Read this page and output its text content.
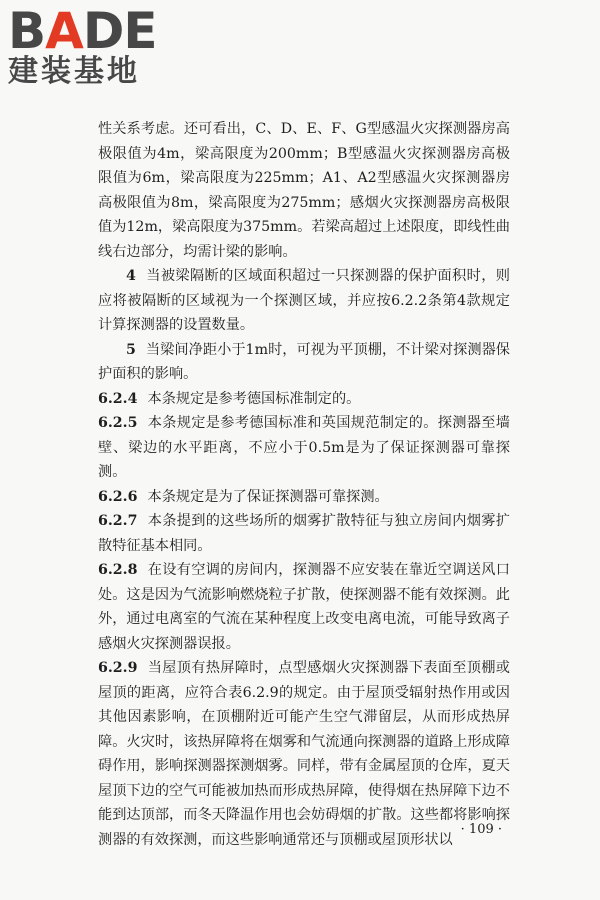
BADE
建装基地

性关系考虑。还可看出，C、D、E、F、G型感温火灾探测器房高极限值为4m，梁高限度为200mm；B型感温火灾探测器房高极限值为6m，梁高限度为225mm；A1、A2型感温火灾探测器房高极限值为8m，梁高限度为275mm；感烟火灾探测器房高极限值为12m，梁高限度为375mm。若梁高超过上述限度，即线性曲线右边部分，均需计梁的影响。

4 当被梁隔断的区域面积超过一只探测器的保护面积时，则应将被隔断的区域视为一个探测区域，并应按6.2.2条第4款规定计算探测器的设置数量。

5 当梁间净距小于1m时，可视为平顶棚，不计梁对探测器保护面积的影响。

6.2.4 本条规定是参考德国标准制定的。

6.2.5 本条规定是参考德国标准和英国规范制定的。探测器至墙壁、梁边的水平距离，不应小于0.5m是为了保证探测器可靠探测。

6.2.6 本条规定是为了保证探测器可靠探测。

6.2.7 本条提到的这些场所的烟雾扩散特征与独立房间内烟雾扩散特征基本相同。

6.2.8 在设有空调的房间内，探测器不应安装在靠近空调送风口处。这是因为气流影响燃烧粒子扩散，使探测器不能有效探测。此外，通过电离室的气流在某种程度上改变电离电流，可能导致离子感烟火灾探测器误报。

6.2.9 当屋顶有热屏障时，点型感烟火灾探测器下表面至顶棚或屋顶的距离，应符合表6.2.9的规定。由于屋顶受辐射热作用或因其他因素影响，在顶棚附近可能产生空气滞留层，从而形成热屏障。火灾时，该热屏障将在烟雾和气流通向探测器的道路上形成障碍作用，影响探测器探测烟雾。同样，带有金属屋顶的仓库，夏天屋顶下边的空气可能被加热而形成热屏障，使得烟在热屏障下边不能到达顶部，而冬天降温作用也会妨碍烟的扩散。这些都将影响探测器的有效探测，而这些影响通常还与顶棚或屋顶形状以

· 109 ·
